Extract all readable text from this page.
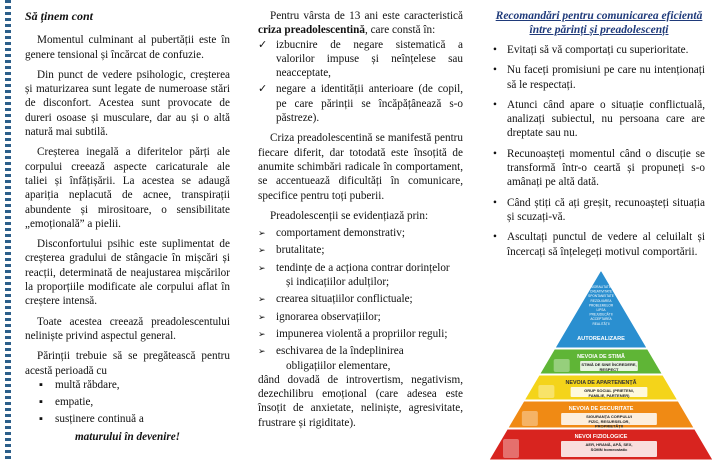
Să ținem cont

Momentul culminant al pubertății este în genere tensional și încărcat de confuzie.

Din punct de vedere psihologic, creșterea și maturizarea sunt legate de numeroase stări de disconfort. Acestea sunt provocate de dureri osoase și musculare, dar au și o altă natură mai subtilă.

Creșterea inegală a diferitelor părți ale corpului creează aspecte caricaturale ale taliei și înfățișării. La acestea se adaugă apariția neplacută de acnee, transpirații abundente și mirositoare, o sensibilitate „emoțională” a pielii.

Disconfortului psihic este suplimentat de creșterea gradului de stângacie în mișcări și reacții, determinată de neajustarea mișcărilor la proporțiile modificate ale corpului aflat în creștere intensă.

Toate acestea creează preadolescentului neliniște privind aspectul general.

Părinții trebuie să se pregătească pentru acestă perioadă cu

▪ multă răbdare,
▪ empatie,
▪ susținere continuă a

maturului în devenire!

Pentru vârsta de 13 ani este caracteristică criza preadolescentină, care constă în:

✓ izbucnire de negare sistematică a valorilor impuse și neînțelese sau neacceptate,
✓ negare a identității anterioare (de copil, pe care părinții se încăpățânează s-o păstreze).

Criza preadolescentină se manifestă pentru fiecare diferit, dar totodată este însoțită de anumite schimbări radicale în comportament, se accentuează dificultăți în comunicare, specifice pentru toți puberii.

Preadolescenții se evidențiază prin:

➢ comportament demonstrativ;
➢ brutalitate;
➢ tendințe de a acționa contrar dorințelor
și indicațiilor adulților;
➢ crearea situațiilor conflictuale;
➢ ignorarea observațiilor;
➢ impunerea violentă a propriilor reguli;
➢ eschivarea de la îndeplinirea
obligațiilor elementare,

dând dovadă de introvertism, negativism, dezechilibru emoțional (care adesea este însoțit de anxietate, neliniște, agresivitate, frustrare și rigiditate).

Recomandări pentru comunicarea eficientă între părinți și preadolescenți

• Evitați să vă comportați cu superioritate.
• Nu faceți promisiuni pe care nu intenționați să le respectați.
• Atunci când apare o situație conflictuală, analizați subiectul, nu persoana care are dreptate sau nu.
• Recunoașteți momentul când o discuție se transformă într-o ceartă și propuneți s-o amânați pe altă dată.
• Când știți că ați greșit, recunoașteți situația și scuzați-vă.
• Ascultați punctul de vedere al celuilalt și încercați să înțelegeți motivul comportării.
NEVOI FIZIOLOGICE
AER, HRANĂ, APĂ, SEX, SOMN homeostatic
NEVOIA DE SECURITATE
SIGURANȚA CORPULUI FIZIC, RESURSELOR, PROPRIETĂȚII
NEVOIA DE APARTENENȚĂ
GRUP SOCIAL (PRIETENI, FAMILIE, PARTENER)
NEVOIA DE STIMĂ
STIMĂ DE SINE ÎNCREDERE, RESPECT
AUTOREALIZARE
MORALITATE CREATIVITATE SPONTANEITATE REZOLVAREA PROBLEMELOR LIPSA PREJUDECĂȚII ACCEPTAREA REALITĂȚII
